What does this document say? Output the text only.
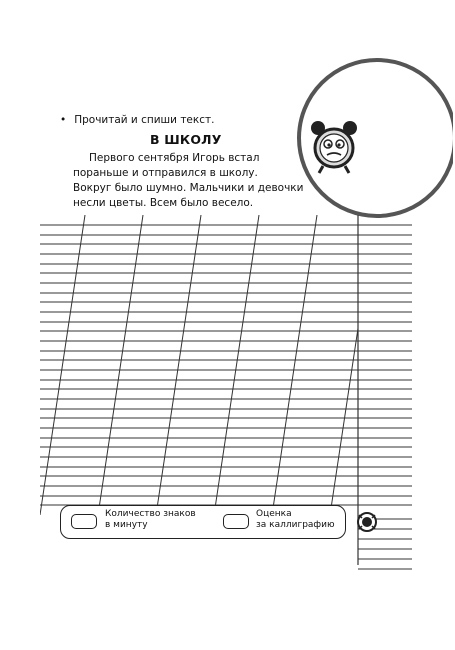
• Прочитай и спиши текст.
В ШКОЛУ

Первого сентября Игорь встал

пораньше и отправился в школу.

Вокруг было шумно. Мальчики и девочки

несли цветы. Всем было весело.

Количество знаков
в минуту
Оценка
за каллиграфию
